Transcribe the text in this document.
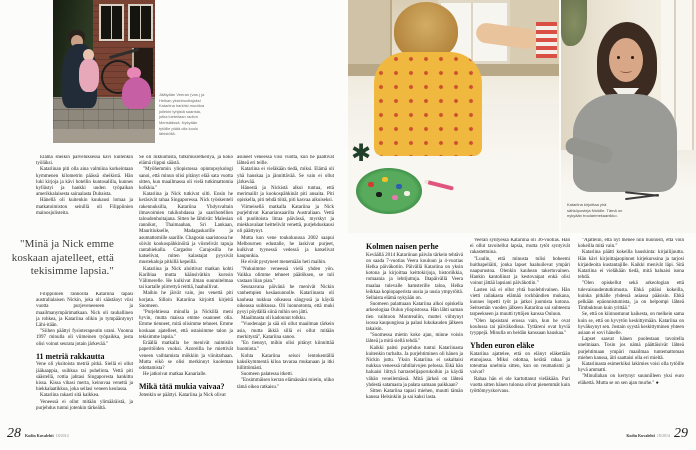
Jäätyään Veeran (vas.) ja Helkan yksinhuoltajaksi Katariina harkitsi muuttoa jollekin tyhjistä saarista, jotka luetellaan radion Merisäässä. Nykyään tytöille pitää olla koulu lähistöllä.

Elämä sheikin palveluksessa kävi kuitenkin työläksi.

Katariinan piti olla aina valmiina korkeintaan kymmenen kilometrin päässä sheikistä. Hän luki kirjoja ja kävi hotellin kuntosalilla, kunnes kyllästyi ja hankki uuden työpaikan amerikkalaisesta sairaalasta Dubaista.

Hänellä oli kuitenkin kuukausi lomaa ja matkatoimiston seinillä oli Filippiinien mainosjulisteita.

"Minä ja Nick emme koskaan ajatelleet, että tekisimme lapsia."

Filippiinien rannoilla Katariina tapasi australialaisen Nickin, joka oli säästänyt viisi vuotta purjeveneeseen ja maailmanympärimatkaan. Nick oli rauhallinen ja rohkea, ja Katariina olikin jo tympääntynyt Lähi-itään.

"Siihen päättyi fysioterapeutin urani. Vuonna 1997 minulla oli viimeinen työpaikka, josta olisi voinut seurata jotain järkevää."

11 metriä rakkautta

Vene oli yksitoista metriä pitkä. Siellä ei ollut jääkaappia, suihkua tai puhelinta. Vettä piti säästellä, rottia jahtasi Singaporesta hankittu kissa. Kissa vihasi merta, keinuvaa venettä ja hiekkalaatikkoa, joka seilasi veneen keulassa.

Katariina rakasti sitä kaikkea.

Veneessä ei ollut mitään ylimääräistä, ja purjehdus tuntui jotenkin tärkeältä.

Se oli liikkumista, tutkimusretkeilyä, ja koko elämä riippui säästä.

"Myöhemmin yliopistossa opintopsykologi sanoi, että minun olisi pitänyt elää sata vuotta sitten, kun maailmassa oli vielä tutkimattomia kolkkia."

Katariina ja Nick tutkivat silti. Ensin he keräsivät rahaa Singaporessa. Nick työskenteli rakennuksilla, Katariina Yhdysvaltain ilmavoimien tukikohdassa ja saarihotellien taloudenhoitajana. Sitten he lähtivät: Malesian rannikot, Thaimaahan, Sri Lankaan, Mauritiukselle, Madagaskarille ja asumattomille saarille. Chagosin saaristossa he söivät kookospähkinöitä ja viistelivät rapuja rantahiekalla. Cargados Carajosilla he katselivat, miten kalastajat pyysivät mustekaloja pitkillä kepeillä.

Katariina ja Nick aloittivat matkan kohti Karibiaa mutta käänsivätkin kurssin Välimerelle. He kulkivat ilman suunnitelmaa tai kartalle piirrettyä reittiä, haahuilivat.

Maihin he jäivät vain, jos venettä piti korjata. Silloin Katariina kirjoitti kirjeitä Suomeen.

"Purjehtiessa minulla ja Nickillä meni hyvin, mutta maissa emme osanneet olla. Emme tienneet, mitä olisimme tehneet. Emme koskaan ajatelleet, että ostaisimme talon ja tekisimme lapsia."

Eräällä matkalla he menivät naimisiin paperitöiden vuoksi. Azoreilla he miettivät veneen vaihtamista mökkiin ja viinitarhaan. Mutta eikö se olisi merkinnyt kuoleman odottamista?

He jatkoivat matkaa Kanarialle.

Mikä tätä mukia vaivaa?

Jotenkin se päättyi. Katariina ja Nick olivat

asuneet veneessä viisi vuotta, kun he päättivät lähteä eri teille.

Katariina ei vieläkään tiedä, miksi. Elämä oli yhä hauskaa ja jännittävää. Se vain ei ollut järkevää.

Hänestä ja Nickistä alkoi tuntua, että merimailit ja kookospähkinät piti ansaita. Piti opiskella, piti tehdä töitä, piti kasvaa aikuiseksi.

Viimeisellä matkalla Katariina ja Nick purjehtivat Kanariansaarilta Australiaan. Vettä oli puolitoista litraa päivässä, myrskyt ja miekkavalaat heittelivät venettä, purjehduskausi oli päättynyt.

Mutta kun vene toukokuussa 2002 saapui Melbournen edustalle, he laskivat purjeet, kulkivat tyynessä vedessä ja katselivat kaupunkia.

He eivät pystyneet menemään heti maihin.

"Nukuimme veneessä vielä yhden yön. Vaikka olimme tehneet päätöksen, se tuli vastaan liian pian."

Seuraavana päivänä he menivät Nickin vanhempien kesäasunnolle. Katariinasta oli kauheaa nukkua oikeassa sängyssä ja käydä oikeassa suihkussa. Oli luonnotonta, että muki pysyi pöydällä siinä mihin sen jätti.

Maailmasta oli kadonnut tolkku.

"Vuodenajat ja sää oli ollut maailman tärkein asia, mutta äkkiä sillä ei ollut mitään merkitystä", Katariina sanoo.

"En tiennyt, mihin olisi pitänyt kiinnittää huomiota."

Kohta Katariina seisoi lentokentällä kaksikymmentä kiloa tavaraa mukanaan ja itki hillittömästi.

Suomeen palatessa itketti.

"Ensimmäisen kerran elämässäni mietin, oliko tämä oikea ratkaisu."

✱
Katariina kirjoittaa yhä sähköposteja Nickille. Tämä on nykyään troolarimekaanikko.
Kolmen naisen perhe

Keväällä 2014 Katariinan päivän tärkein tehtävä on saada 7-vuotias Veera kouluun ja 4-vuotias Helka päiväkotiin. Päivällä Katariina on yksin kotona ja kirjoittaa keittokirjoja, historiikkia, romaania ja lehtijuttuja. Iltapäivällä Veera maalaa tulevalle hamsterille taloa, Helka leikkaa kopiopaperista uusia ja uusia ympyröitä. Sellaista elämä nykyään on.

Suomeen palattuaan Katariina alkoi opiskella arkeologiaa Oulun yliopistossa. Hän lähti saman tien vaihtoon Montrealiin, muttei viihtynyt isossa kaupungissa ja palasi lukukauden jälkeen takaisin.

"Suomessa mietin koko ajan, minne voisin lähteä ja mitä siellä tehdä."

Kaikki paitsi purjehdus tuntui Katariinasta kuitenkin turhalta. Ja purjehtiminen oli hänen ja Nickin juttu. Yksin Katariina ei uskaltaisi nukkua veneessä rahtilaivojen pelossa. Eikä hän haluaisi liittyä harrastelijaporukoihin ja käydä vähän veneilemässä. Mitä järkeä on lähteä yhdestä satamasta ja palata samaan paikkaan?

Sitten Katariina tapasi miehen, muutti tämän kanssa Helsinkiin ja sai kaksi lasta.

Veeran syntyessä Katariina oli 36-vuotias. Hän ei ollut tavoitellut lapsia, mutta tytöt syntyivät rakastettuina.

"Luulin, että minusta tulisi boheemi huithapeliäiti, jonka lapset haahuilevat ympäri naapurustoa. Olenkin kauhean takertuvainen. Hankin kantoliinat ja kestovaipat enkä olisi voinut jättää lapsiani päiväkotiin."

Lasten isä ei ollut yhtä huolehtivainen. Hän vietti railakasta elämää rockbändien mukana, kunnes lopetti työt ja jatkoi juomista kotona. Seitsemän vuoden jälkeen Katariina sai suhteesta tarpeekseen ja muutti tyttöjen kanssa Ouluun.

"Olen lapsistani erossa vain, kun he ovat koulussa tai päiväkodissa. Tyttäreni ovat hyviä tyyppejä. Minulla on heidän kanssaan hauskaa."

Yhden euron eläke

Katariina ajattelee, että on elänyt eläkettään etunojassa. Miksi odottaa, kerätä rahaa ja toteuttaa unelmia sitten, kun on reumatismi ja vaivat?

Rahaa hän ei ole kartuttanut vieläkään. Pari vuotta sitten hänen tulonsa olivat pienemmät kuin työttömyyskorvaus.

"Ajattelin, että nyt menee niin huonosti, että voin kokeilla mitä vain."

Katariina päätti kokeilla hauskinta: kirjailijuutta. Hän kävi kirjoittajaopinnot kirjekurssina ja tarjosi kirjaideoita kustantajille. Kaikki menivät läpi. Sitä Katariina ei vieläkään tiedä, mitä haluaisi isona tehdä.

"Olen opiskellut sekä arkeologian että tulevaisuudentutkimusta. Ehkä pitäisi kokeilla, kuinka pitkälle yhdessä asiassa pääsisin. Ehkä pelkään epäonnistumista, ja on helpompi lähteä Timbuktuun kuin yrittää."

Se, että on kiinnostunut kaikesta, on melkein sama kuin se, että on kyvytön keskittymään. Katariina on hyväksynyt sen. Jostain syystä keskittyminen yhteen asiaan ei sovi hänelle.

Lapset saavat hänen puolestaan tavoitella unelmiaan. Tosin jos nämä päättäisivät lähteä purjehtimaan ympäri maailmaa tuntemattoman miehen kanssa, äiti saattaisi olla eri mieltä.

Katariinasta esimerkiksi lakimies voisi olla tytöille hyvä ammatti.

"Minullahan on kertynyt suunnilleen yksi euro eläkettä. Mutta se on sen ajan murhe." ●

28 Kodin Kuvalehti 18/2014	Kodin Kuvalehti 18/2014 29
